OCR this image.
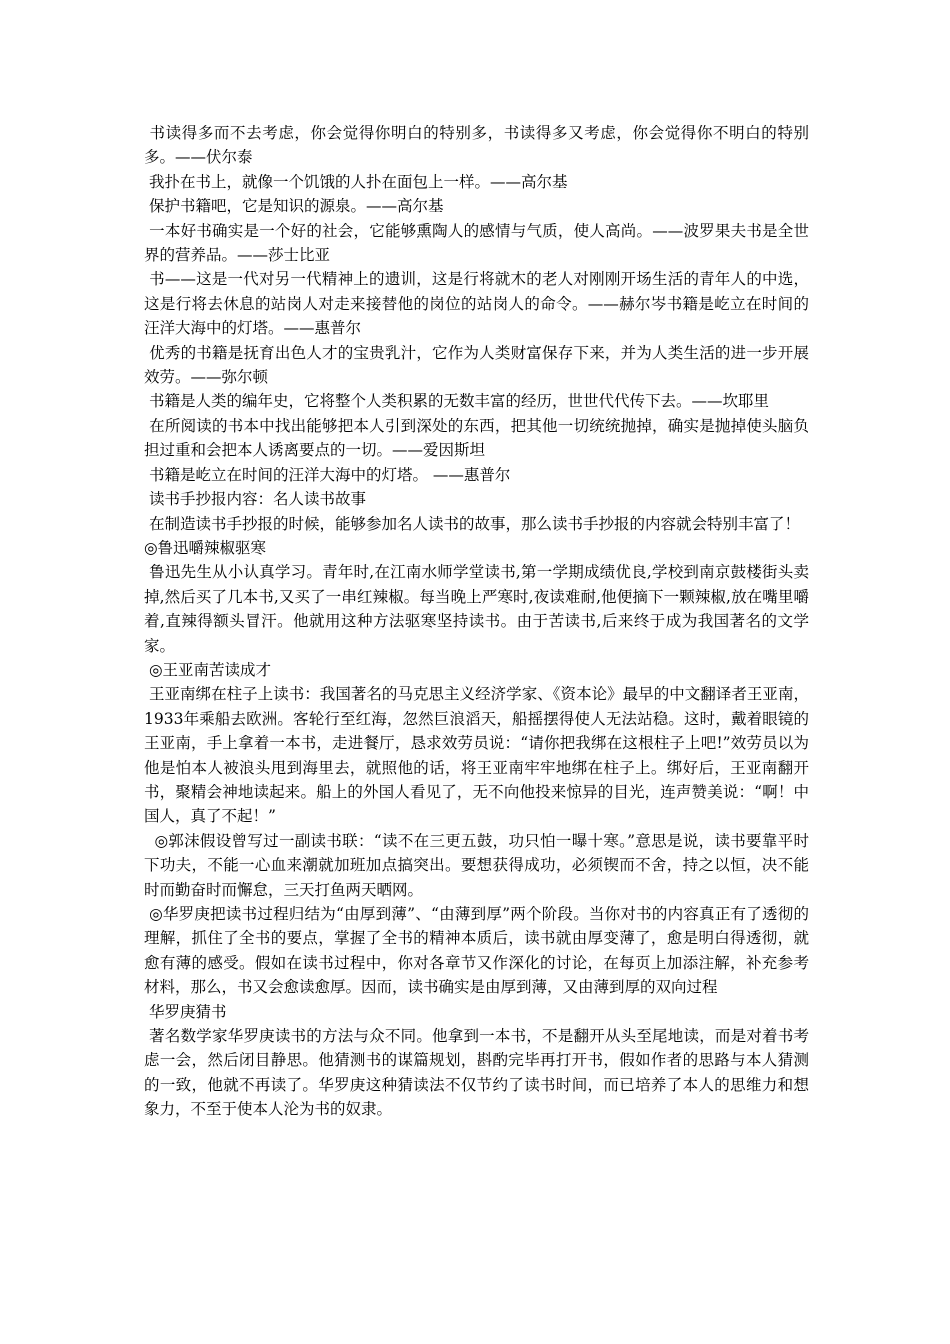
书读得多而不去考虑，你会觉得你明白的特别多，书读得多又考虑，你会觉得你不明白的特别多。——伏尔泰

我扑在书上，就像一个饥饿的人扑在面包上一样。——高尔基

保护书籍吧，它是知识的源泉。——高尔基

一本好书确实是一个好的社会，它能够熏陶人的感情与气质，使人高尚。——波罗果夫书是全世界的营养品。——莎士比亚

书——这是一代对另一代精神上的遗训，这是行将就木的老人对刚刚开场生活的青年人的中选，这是行将去休息的站岗人对走来接替他的岗位的站岗人的命令。——赫尔岑书籍是屹立在时间的汪洋大海中的灯塔。——惠普尔

优秀的书籍是抚育出色人才的宝贵乳汁，它作为人类财富保存下来，并为人类生活的进一步开展效劳。——弥尔顿

书籍是人类的编年史，它将整个人类积累的无数丰富的经历，世世代代传下去。——坎耶里

在所阅读的书本中找出能够把本人引到深处的东西，把其他一切统统抛掉，确实是抛掉使头脑负担过重和会把本人诱离要点的一切。——爱因斯坦

书籍是屹立在时间的汪洋大海中的灯塔。 ——惠普尔

读书手抄报内容：名人读书故事

在制造读书手抄报的时候，能够参加名人读书的故事，那么读书手抄报的内容就会特别丰富了！

◎鲁迅嚼辣椒驱寒

鲁迅先生从小认真学习。青年时,在江南水师学堂读书,第一学期成绩优良,学校到南京鼓楼街头卖掉,然后买了几本书,又买了一串红辣椒。每当晚上严寒时,夜读难耐,他便摘下一颗辣椒,放在嘴里嚼着,直辣得额头冒汗。他就用这种方法驱寒坚持读书。由于苦读书,后来终于成为我国著名的文学家。

◎王亚南苦读成才

王亚南绑在柱子上读书：我国著名的马克思主义经济学家、《资本论》最早的中文翻译者王亚南，1933年乘船去欧洲。客轮行至红海，忽然巨浪滔天，船摇摆得使人无法站稳。这时，戴着眼镜的王亚南，手上拿着一本书，走进餐厅，恳求效劳员说：“请你把我绑在这根柱子上吧!”效劳员以为他是怕本人被浪头甩到海里去，就照他的话，将王亚南牢牢地绑在柱子上。绑好后，王亚南翻开书，聚精会神地读起来。船上的外国人看见了，无不向他投来惊异的目光，连声赞美说：“啊！中国人，真了不起！”

◎郭沫假设曾写过一副读书联：“读不在三更五鼓，功只怕一曝十寒。”意思是说，读书要靠平时下功夫，不能一心血来潮就加班加点搞突出。要想获得成功，必须锲而不舍，持之以恒，决不能时而勤奋时而懈怠，三天打鱼两天晒网。

◎华罗庚把读书过程归结为“由厚到薄”、“由薄到厚”两个阶段。当你对书的内容真正有了透彻的理解，抓住了全书的要点，掌握了全书的精神本质后，读书就由厚变薄了，愈是明白得透彻，就愈有薄的感受。假如在读书过程中，你对各章节又作深化的讨论，在每页上加添注解，补充参考材料，那么，书又会愈读愈厚。因而，读书确实是由厚到薄，又由薄到厚的双向过程

华罗庚猜书

著名数学家华罗庚读书的方法与众不同。他拿到一本书，不是翻开从头至尾地读，而是对着书考虑一会，然后闭目静思。他猜测书的谋篇规划，斟酌完毕再打开书，假如作者的思路与本人猜测的一致，他就不再读了。华罗庚这种猜读法不仅节约了读书时间，而已培养了本人的思维力和想象力，不至于使本人沦为书的奴隶。
